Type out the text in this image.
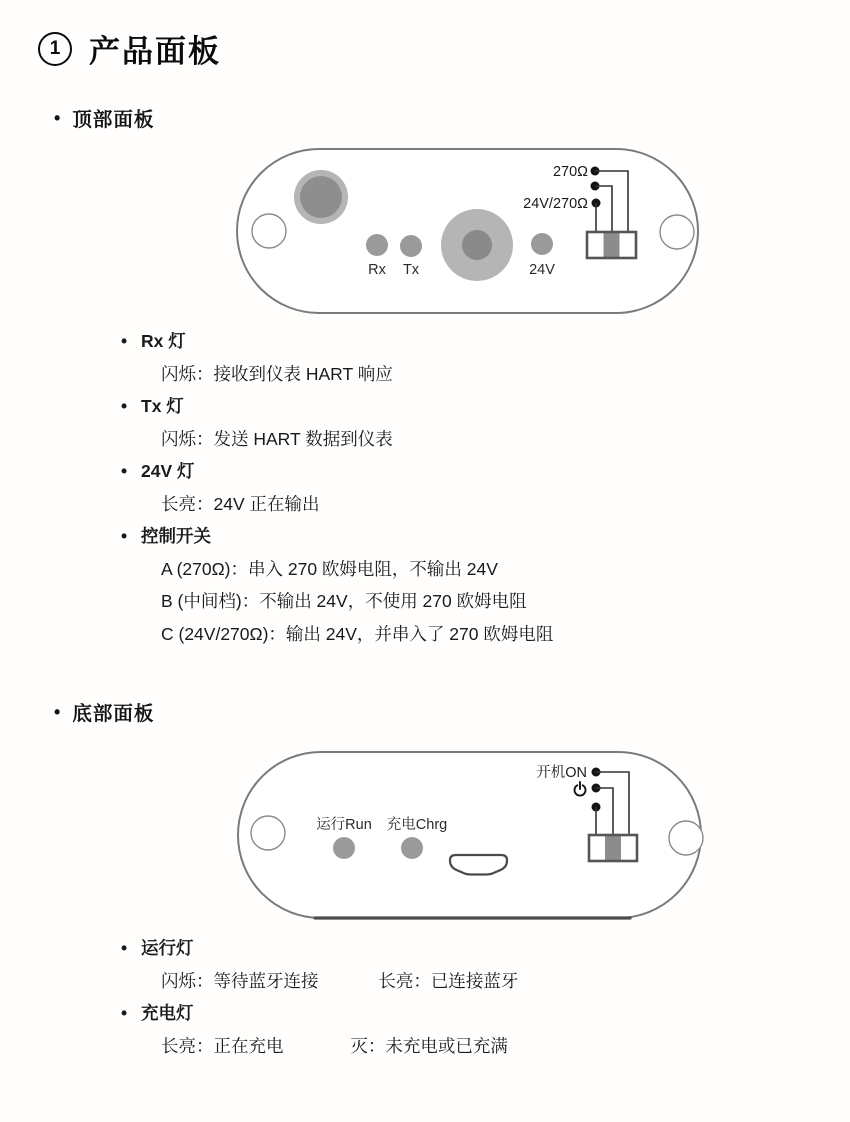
1 产品面板
• 顶部面板
Rx Tx	24V
270Ω
24V/270Ω
• Rx 灯
闪烁：接收到仪表 HART 响应
• Tx 灯
闪烁：发送 HART 数据到仪表
• 24V 灯
长亮：24V 正在输出
• 控制开关
A (270Ω)：串入 270 欧姆电阻，不输出 24V
B (中间档)：不输出 24V，不使用 270 欧姆电阻
C (24V/270Ω)：输出 24V，并串入了 270 欧姆电阻
• 底部面板
运行Run 充电Chrg
开机ON
• 运行灯
闪烁：等待蓝牙连接	长亮：已连接蓝牙
• 充电灯
长亮：正在充电	灭：未充电或已充满
